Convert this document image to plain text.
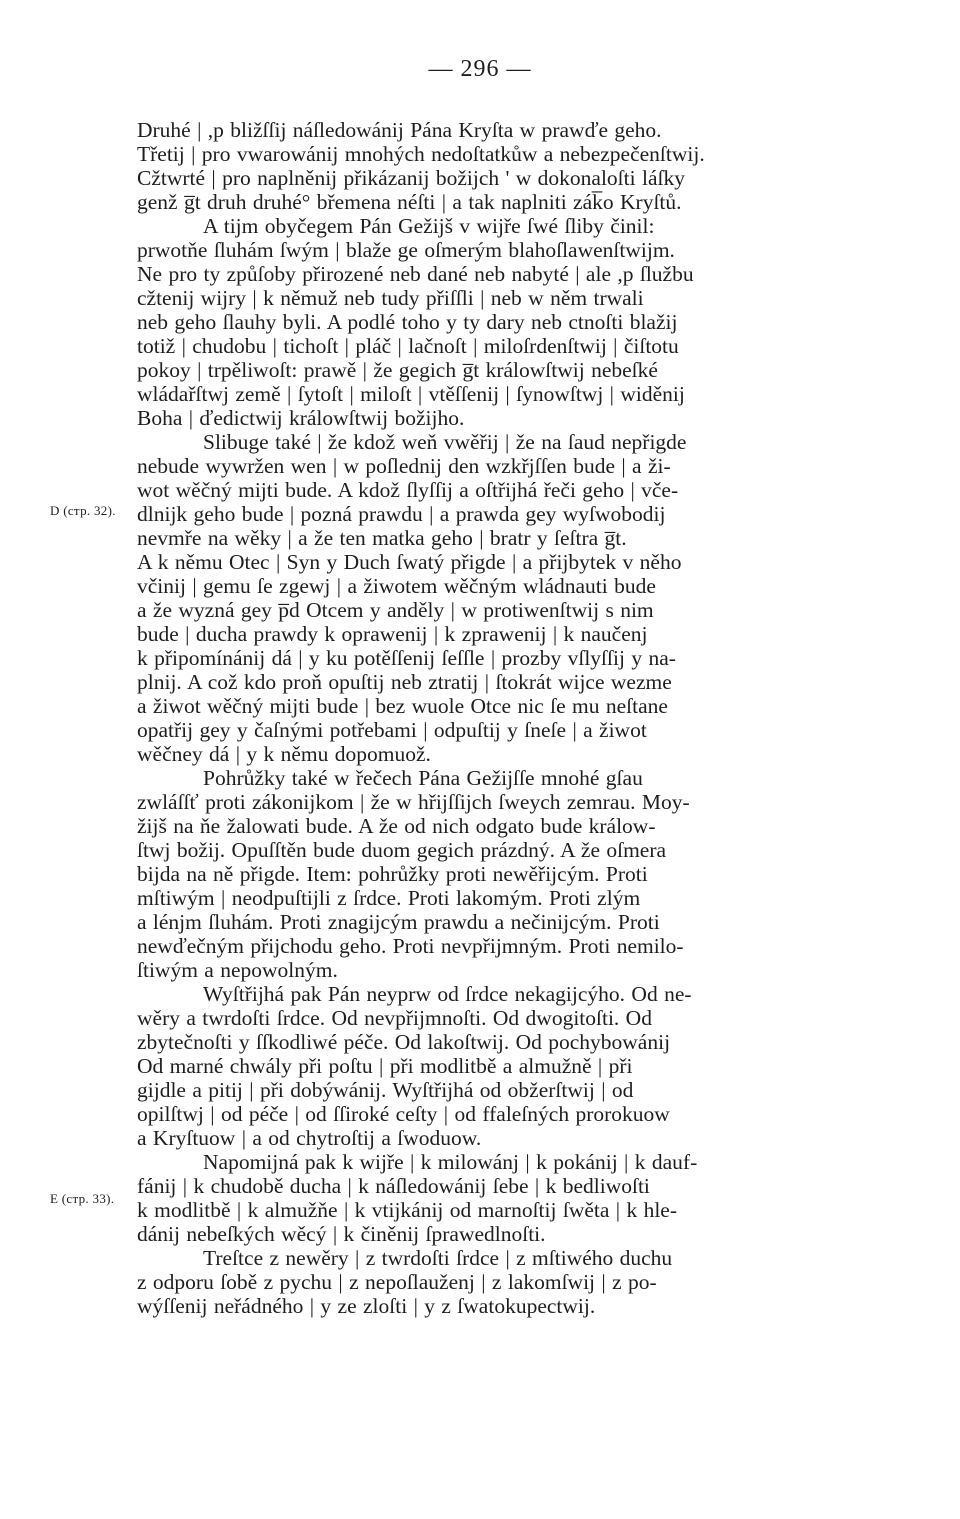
— 296 —
D (стр. 32).
E (стр. 33).
Druhé | ,p bližſſij náſledowánij Pána Kryſta w prawďe geho.
Třetij | pro vwarowánij mnohých nedoſtatkůw a nebezpečenſtwij.
Cžtwrté | pro naplněnij přikázanij božijch ' w dokonaloſti láſky
genž g̅t druh druhé° břemena néſti | a tak naplniti zák̅o Kryſtů.
A tijm obyčegem Pán Gežijš v wijře ſwé ſliby činil:
prwotňe ſluhám ſwým | blaže ge oſmerým blahoſlawenſtwijm.
Ne pro ty způſoby přirozené neb dané neb nabyté | ale ,p ſlužbu
cžtenij wijry | k němuž neb tudy přiſſli | neb w něm trwali
neb geho ſlauhy byli. A podlé toho y ty dary neb ctnoſti blažij
totiž | chudobu | tichoſt | pláč | lačnoſt | miloſrdenſtwij | čiſtotu
pokoy | trpěliwoſt: prawě | že gegich g̅t králowſtwij nebeſké
wládařſtwj země | ſytoſt | miloſt | vtěſſenij | ſynowſtwj | widěnij
Boha | ďedictwij králowſtwij božijho.
Slibuge také | že kdož weň vwěřij | že na ſaud nepřigde
nebude wywržen wen | w poſlednij den wzkřjſſen bude | a ži-
wot wěčný mijti bude. A kdož ſlyſſij a oſtřijhá řeči geho | vče-
dlnijk geho bude | pozná prawdu | a prawda gey wyſwobodij
nevmře na wěky | a že ten matka geho | bratr y ſeſtra g̅t.
A k němu Otec | Syn y Duch ſwatý přigde | a přijbytek v něho
včinij | gemu ſe zgewj | a žiwotem wěčným wládnauti bude
a že wyzná gey p̅d Otcem y anděly | w protiwenſtwij s nim
bude | ducha prawdy k oprawenij | k zprawenij | k naučenj
k připomínánij dá | y ku potěſſenij ſeſſle | prozby vſlyſſij y na-
plnij. A což kdo proň opuſtij neb ztratij | ſtokrát wijce wezme
a žiwot wěčný mijti bude | bez wuole Otce nic ſe mu neſtane
opatřij gey y čaſnými potřebami | odpuſtij y ſneſe | a žiwot
wěčney dá | y k němu dopomuož.
Pohrůžky také w řečech Pána Gežijſſe mnohé gſau
zwláſſť proti zákonijkom | že w hřijſſijch ſweych zemrau. Moy-
žijš na ňe žalowati bude. A že od nich odgato bude králow-
ſtwj božij. Opuſſtěn bude duom gegich prázdný. A že oſmera
bijda na ně přigde. Item: pohrůžky proti newěřijcým. Proti
mſtiwým | neodpuſtijli z ſrdce. Proti lakomým. Proti zlým
a lénjm ſluhám. Proti znagijcým prawdu a nečinijcým. Proti
newďečným přijchodu geho. Proti nevpřijmným. Proti nemilo-
ſtiwým a nepowolným.
Wyſtřijhá pak Pán neyprw od ſrdce nekagijcýho. Od ne-
wěry a twrdoſti ſrdce. Od nevpřijmnoſti. Od dwogitoſti. Od
zbytečnoſti y ſſkodliwé péče. Od lakoſtwij. Od pochybowánij
Od marné chwály při poſtu | při modlitbě a almužně | při
gijdle a pitij | při dobýwánij. Wyſtřijhá od obžerſtwij | od
opilſtwj | od péče | od ſſiroké ceſty | od ffaleſných prorokuow
a Kryſtuow | a od chytroſtij a ſwoduow.
Napomijná pak k wijře | k milowánj | k pokánij | k dauf-
fánij | k chudobě ducha | k náſledowánij ſebe | k bedliwoſti
k modlitbě | k almužňe | k vtijkánij od marnoſtij ſwěta | k hle-
dánij nebeſkých wěcý | k činěnij ſprawedlnoſti.
Treſtce z newěry | z twrdoſti ſrdce | z mſtiwého duchu
z odporu ſobě z pychu | z nepoſlauženj | z lakomſwij | z po-
wýſſenij neřádného | y ze zloſti | y z ſwatokupectwij.
